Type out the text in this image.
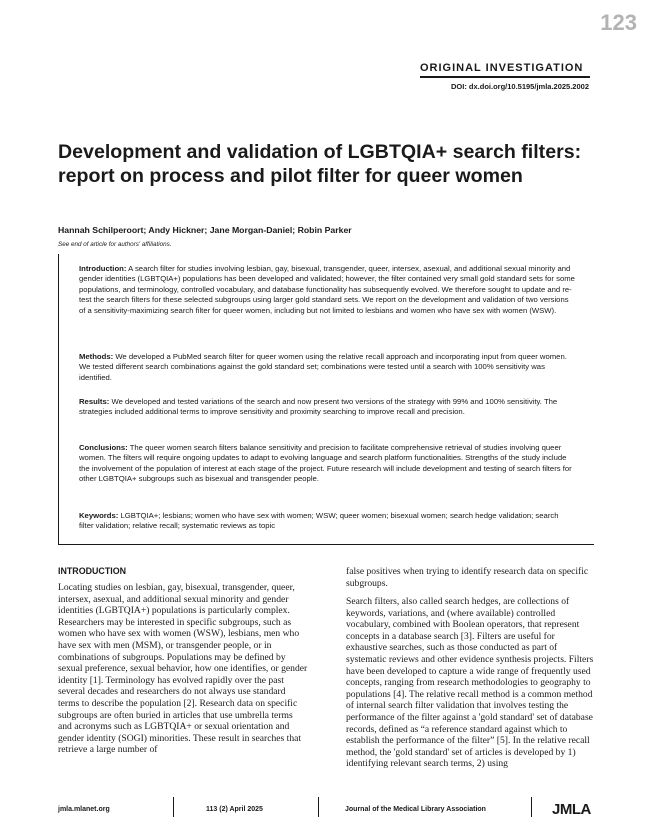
123
ORIGINAL INVESTIGATION
DOI: dx.doi.org/10.5195/jmla.2025.2002
Development and validation of LGBTQIA+ search filters: report on process and pilot filter for queer women
Hannah Schilperoort; Andy Hickner; Jane Morgan-Daniel; Robin Parker
See end of article for authors' affiliations.

Introduction: A search filter for studies involving lesbian, gay, bisexual, transgender, queer, intersex, asexual, and additional sexual minority and gender identities (LGBTQIA+) populations has been developed and validated; however, the filter contained very small gold standard sets for some populations, and terminology, controlled vocabulary, and database functionality has subsequently evolved. We therefore sought to update and re-test the search filters for these selected subgroups using larger gold standard sets. We report on the development and validation of two versions of a sensitivity-maximizing search filter for queer women, including but not limited to lesbians and women who have sex with women (WSW).

Methods: We developed a PubMed search filter for queer women using the relative recall approach and incorporating input from queer women. We tested different search combinations against the gold standard set; combinations were tested until a search with 100% sensitivity was identified.

Results: We developed and tested variations of the search and now present two versions of the strategy with 99% and 100% sensitivity. The strategies included additional terms to improve sensitivity and proximity searching to improve recall and precision.

Conclusions: The queer women search filters balance sensitivity and precision to facilitate comprehensive retrieval of studies involving queer women. The filters will require ongoing updates to adapt to evolving language and search platform functionalities. Strengths of the study include the involvement of the population of interest at each stage of the project. Future research will include development and testing of search filters for other LGBTQIA+ subgroups such as bisexual and transgender people.

Keywords: LGBTQIA+; lesbians; women who have sex with women; WSW; queer women; bisexual women; search hedge validation; search filter validation; relative recall; systematic reviews as topic

INTRODUCTION

Locating studies on lesbian, gay, bisexual, transgender, queer, intersex, asexual, and additional sexual minority and gender identities (LGBTQIA+) populations is particularly complex. Researchers may be interested in specific subgroups, such as women who have sex with women (WSW), lesbians, men who have sex with men (MSM), or transgender people, or in combinations of subgroups. Populations may be defined by sexual preference, sexual behavior, how one identifies, or gender identity [1]. Terminology has evolved rapidly over the past several decades and researchers do not always use standard terms to describe the population [2]. Research data on specific subgroups are often buried in articles that use umbrella terms and acronyms such as LGBTQIA+ or sexual orientation and gender identity (SOGI) minorities. These result in searches that retrieve a large number of

false positives when trying to identify research data on specific subgroups.

Search filters, also called search hedges, are collections of keywords, variations, and (where available) controlled vocabulary, combined with Boolean operators, that represent concepts in a database search [3]. Filters are useful for exhaustive searches, such as those conducted as part of systematic reviews and other evidence synthesis projects. Filters have been developed to capture a wide range of frequently used concepts, ranging from research methodologies to geography to populations [4]. The relative recall method is a common method of internal search filter validation that involves testing the performance of the filter against a 'gold standard' set of database records, defined as “a reference standard against which to establish the performance of the filter” [5]. In the relative recall method, the 'gold standard' set of articles is developed by 1) identifying relevant search terms, 2) using

jmla.mlanet.org	113 (2) April 2025	Journal of the Medical Library Association	JMLA
